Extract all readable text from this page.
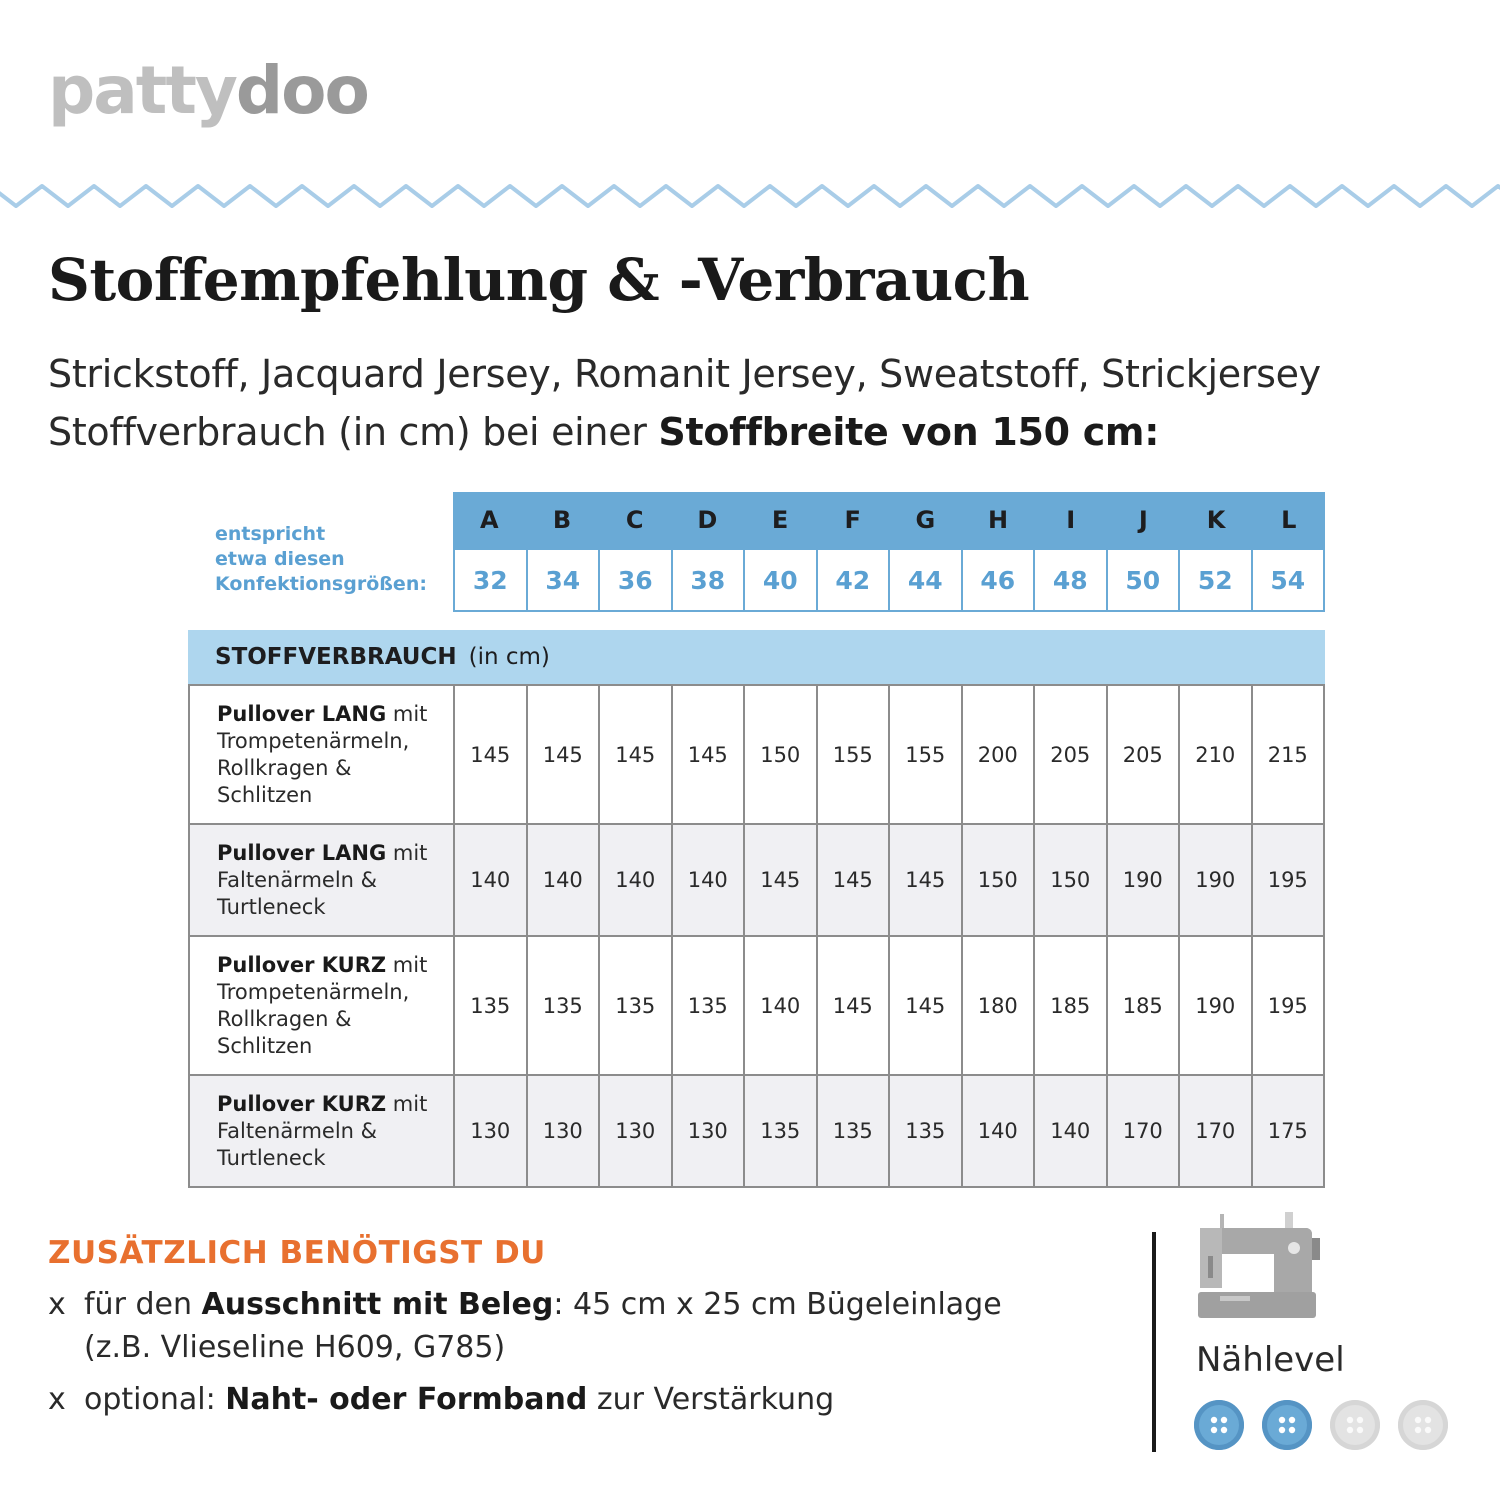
pattydoo
Stoffempfehlung & -Verbrauch
Strickstoff, Jacquard Jersey, Romanit Jersey, Sweatstoff, Strickjersey
Stoffverbrauch (in cm) bei einer Stoffbreite von 150 cm:
entspricht
etwa diesen
Konfektionsgrößen:
A	B	C	D	E	F	G	H	I	J	K	L
32	34	36	38	40	42	44	46	48	50	52	54
STOFFVERBRAUCH (in cm)
Pullover LANG mit
Trompetenärmeln,
Rollkragen &
Schlitzen	145	145	145	145	150	155	155	200	205	205	210	215
Pullover LANG mit
Faltenärmeln &
Turtleneck	140	140	140	140	145	145	145	150	150	190	190	195
Pullover KURZ mit
Trompetenärmeln,
Rollkragen &
Schlitzen	135	135	135	135	140	145	145	180	185	185	190	195
Pullover KURZ mit
Faltenärmeln &
Turtleneck	130	130	130	130	135	135	135	140	140	170	170	175
ZUSÄTZLICH BENÖTIGST DU
x für den Ausschnitt mit Beleg: 45 cm x 25 cm Bügeleinlage
(z.B. Vlieseline H609, G785)
x optional: Naht- oder Formband zur Verstärkung
Nählevel
